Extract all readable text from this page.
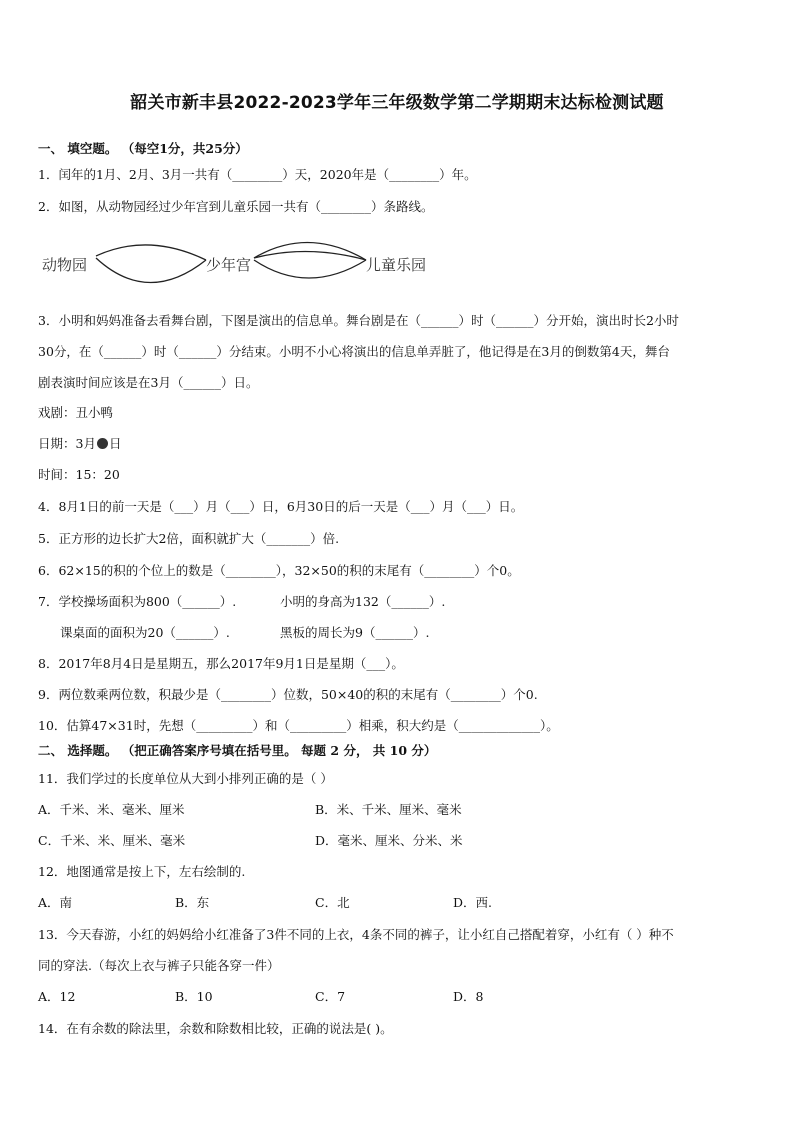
韶关市新丰县2022-2023学年三年级数学第二学期期末达标检测试题
一、 填空题。 （每空1分，共25分）
1．闰年的1月、2月、3月一共有（________）天，2020年是（________）年。
2．如图，从动物园经过少年宫到儿童乐园一共有（________）条路线。
动物园	少年宫	儿童乐园
3．小明和妈妈准备去看舞台剧，下图是演出的信息单。舞台剧是在（______）时（______）分开始，演出时长2小时
30分，在（______）时（______）分结束。小明不小心将演出的信息单弄脏了，他记得是在3月的倒数第4天，舞台
剧表演时间应该是在3月（______）日。
戏剧：丑小鸭
日期：3月 日
时间：15：20
4．8月1日的前一天是（___）月（___）日，6月30日的后一天是（___）月（___）日。
5．正方形的边长扩大2倍，面积就扩大（_______）倍.
6．62×15的积的个位上的数是（________），32×50的积的末尾有（________）个0。
7．学校操场面积为800（______）.	小明的身高为132（______）.
课桌面的面积为20（______）.	黑板的周长为9（______）.
8．2017年8月4日是星期五，那么2017年9月1日是星期（___）。
9．两位数乘两位数，积最少是（________）位数，50×40的积的末尾有（________）个0.
10．估算47×31时，先想（_________）和（_________）相乘，积大约是（_____________）。
二、 选择题。 （把正确答案序号填在括号里。 每题 2 分， 共 10 分）
11．我们学过的长度单位从大到小排列正确的是（ ）
A．千米、米、毫米、厘米	B．米、千米、厘米、毫米
C．千米、米、厘米、毫米	D．毫米、厘米、分米、米
12．地图通常是按上下，左右绘制的.
A．南	B．东	C．北	D．西.
13．今天春游，小红的妈妈给小红准备了3件不同的上衣，4条不同的裤子，让小红自己搭配着穿，小红有（ ）种不
同的穿法.（每次上衣与裤子只能各穿一件）
A．12	B．10	C．7	D．8
14．在有余数的除法里，余数和除数相比较，正确的说法是( )。
